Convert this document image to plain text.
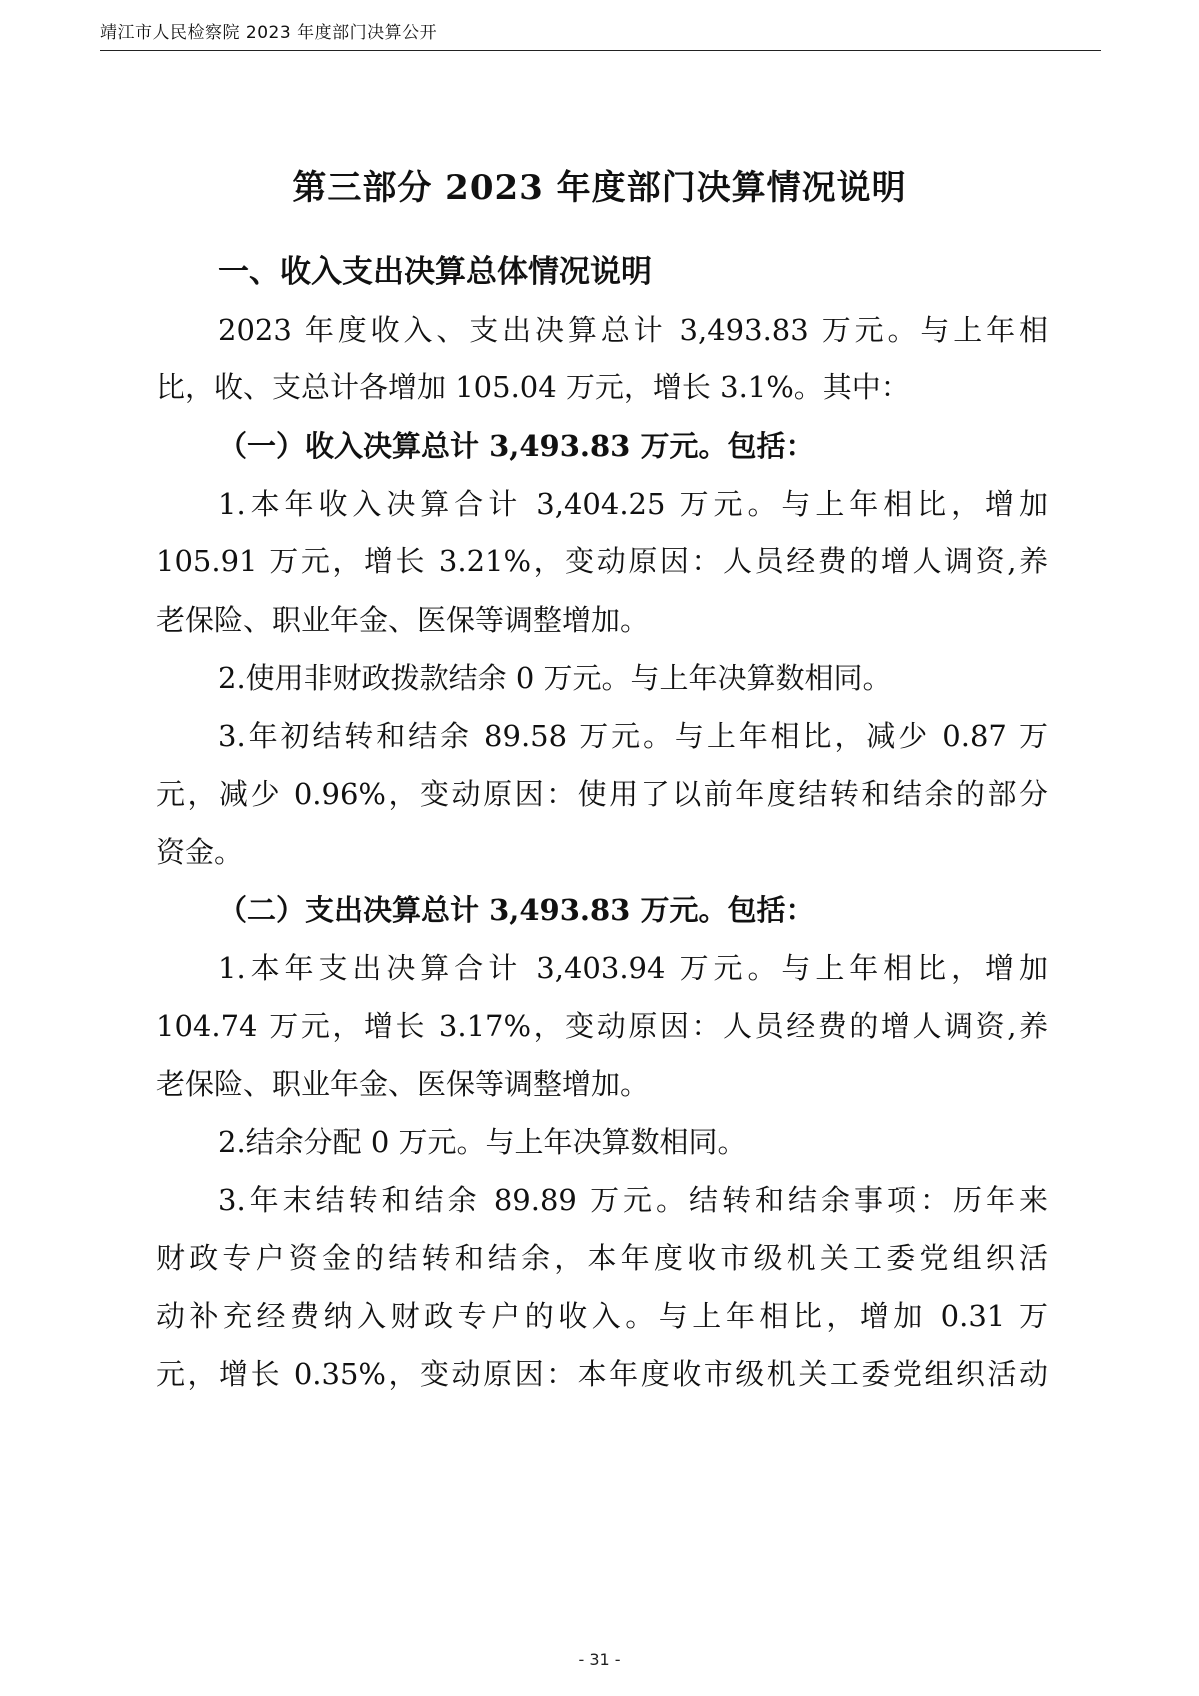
靖江市人民检察院 2023 年度部门决算公开
第三部分 2023 年度部门决算情况说明
一、收入支出决算总体情况说明
2023 年度收入、支出决算总计 3,493.83 万元。与上年相
比，收、支总计各增加 105.04 万元，增长 3.1%。其中：
（一）收入决算总计 3,493.83 万元。包括：
1.本年收入决算合计 3,404.25 万元。与上年相比，增加
105.91 万元，增长 3.21%，变动原因：人员经费的增人调资,养
老保险、职业年金、医保等调整增加。
2.使用非财政拨款结余 0 万元。与上年决算数相同。
3.年初结转和结余 89.58 万元。与上年相比，减少 0.87 万
元，减少 0.96%，变动原因：使用了以前年度结转和结余的部分
资金。
（二）支出决算总计 3,493.83 万元。包括：
1.本年支出决算合计 3,403.94 万元。与上年相比，增加
104.74 万元，增长 3.17%，变动原因：人员经费的增人调资,养
老保险、职业年金、医保等调整增加。
2.结余分配 0 万元。与上年决算数相同。
3.年末结转和结余 89.89 万元。结转和结余事项：历年来
财政专户资金的结转和结余，本年度收市级机关工委党组织活
动补充经费纳入财政专户的收入。与上年相比，增加 0.31 万
元，增长 0.35%，变动原因：本年度收市级机关工委党组织活动
- 31 -
